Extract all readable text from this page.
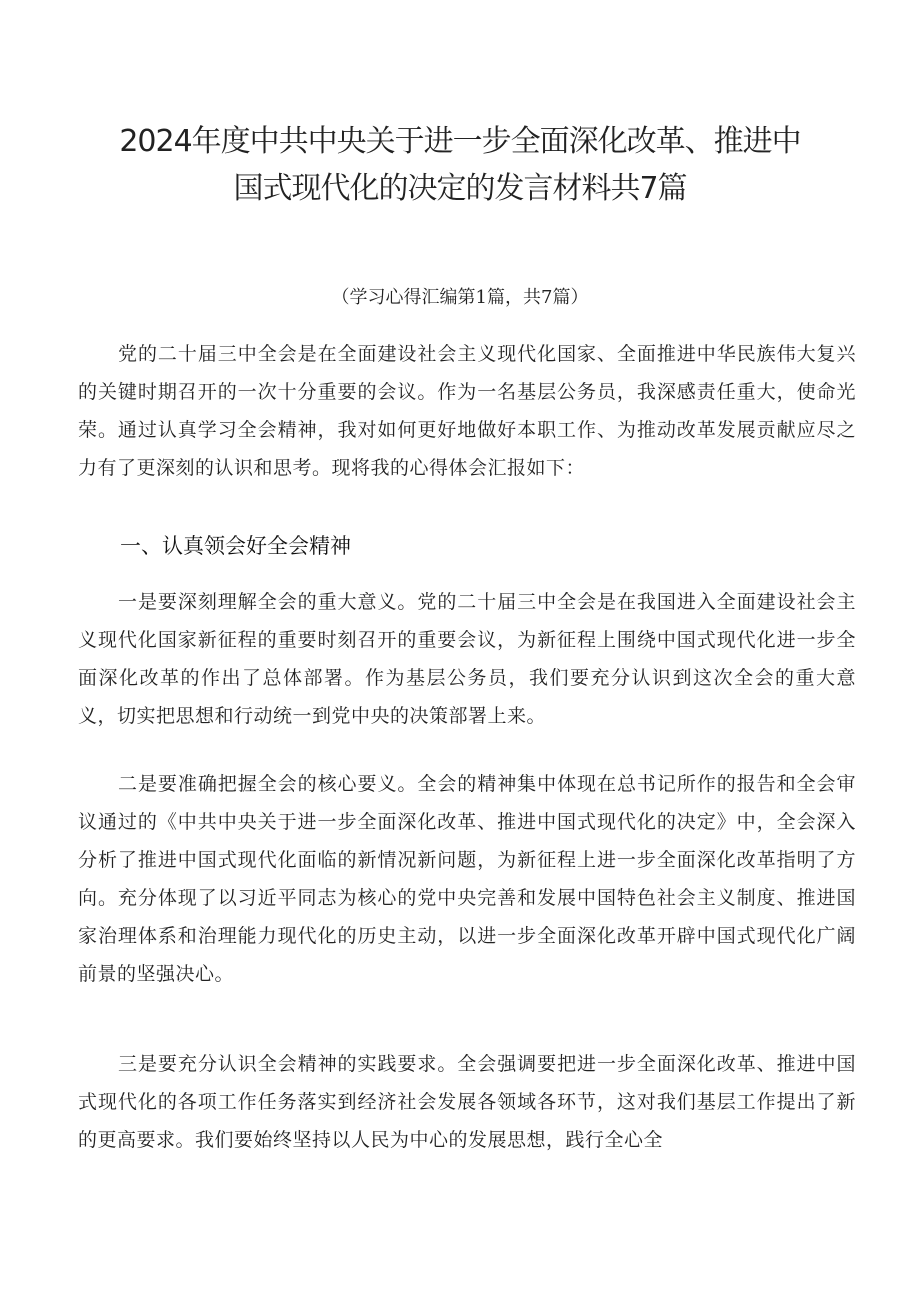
2024年度中共中央关于进一步全面深化改革、推进中
国式现代化的决定的发言材料共7篇

（学习心得汇编第1篇，共7篇）

党的二十届三中全会是在全面建设社会主义现代化国家、全面推进中华民族伟大复兴的关键时期召开的一次十分重要的会议。作为一名基层公务员，我深感责任重大，使命光荣。通过认真学习全会精神，我对如何更好地做好本职工作、为推动改革发展贡献应尽之力有了更深刻的认识和思考。现将我的心得体会汇报如下：

一、认真领会好全会精神

一是要深刻理解全会的重大意义。党的二十届三中全会是在我国进入全面建设社会主义现代化国家新征程的重要时刻召开的重要会议，为新征程上围绕中国式现代化进一步全面深化改革的作出了总体部署。作为基层公务员，我们要充分认识到这次全会的重大意义，切实把思想和行动统一到党中央的决策部署上来。

二是要准确把握全会的核心要义。全会的精神集中体现在总书记所作的报告和全会审议通过的《中共中央关于进一步全面深化改革、推进中国式现代化的决定》中，全会深入分析了推进中国式现代化面临的新情况新问题，为新征程上进一步全面深化改革指明了方向。充分体现了以习近平同志为核心的党中央完善和发展中国特色社会主义制度、推进国家治理体系和治理能力现代化的历史主动，以进一步全面深化改革开辟中国式现代化广阔前景的坚强决心。

三是要充分认识全会精神的实践要求。全会强调要把进一步全面深化改革、推进中国式现代化的各项工作任务落实到经济社会发展各领域各环节，这对我们基层工作提出了新的更高要求。我们要始终坚持以人民为中心的发展思想，践行全心全
